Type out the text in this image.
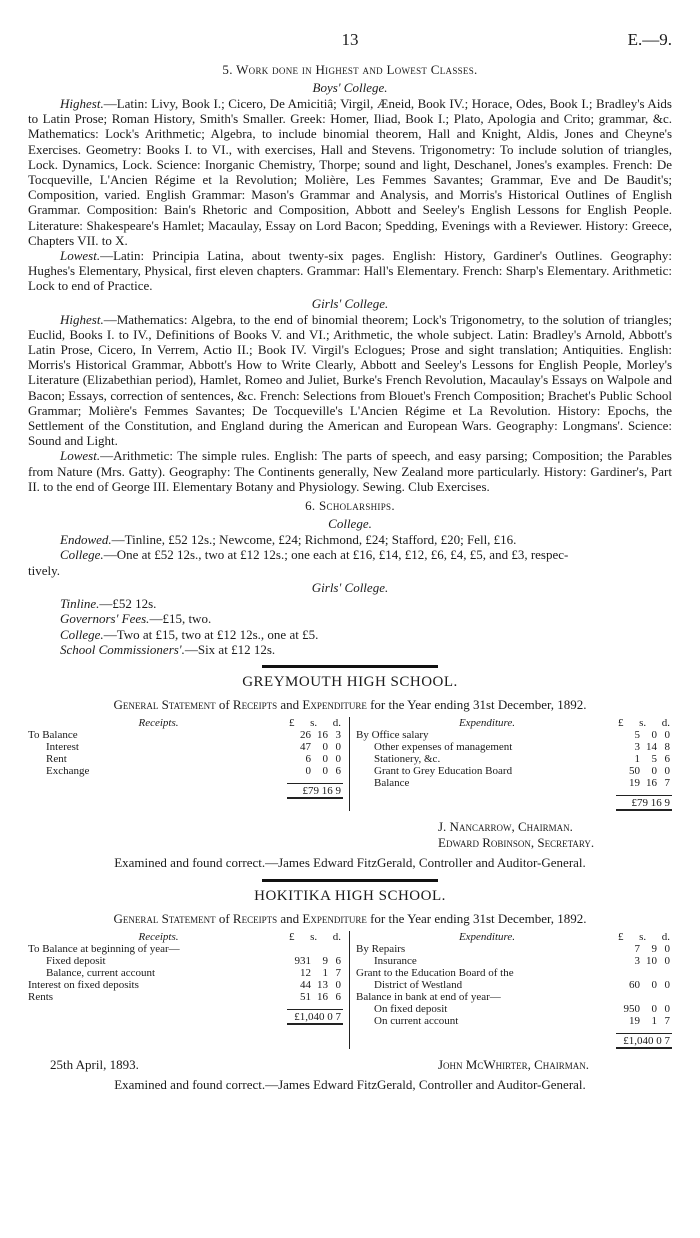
13	E.—9.
5. Work done in Highest and Lowest Classes.
Boys' College.

Highest.—Latin: Livy, Book I.; Cicero, De Amicitiâ; Virgil, Æneid, Book IV.; Horace, Odes, Book I.; Bradley's Aids to Latin Prose; Roman History, Smith's Smaller. Greek: Homer, Iliad, Book I.; Plato, Apologia and Crito; grammar, &c. Mathematics: Lock's Arithmetic; Algebra, to include binomial theorem, Hall and Knight, Aldis, Jones and Cheyne's Exercises. Geometry: Books I. to VI., with exercises, Hall and Stevens. Trigonometry: To include solution of triangles, Lock. Dynamics, Lock. Science: Inorganic Chemistry, Thorpe; sound and light, Deschanel, Jones's examples. French: De Tocqueville, L'Ancien Régime et la Revolution; Molière, Les Femmes Savantes; Grammar, Eve and De Baudit's; Composition, varied. English Grammar: Mason's Grammar and Analysis, and Morris's Historical Outlines of English Grammar. Composition: Bain's Rhetoric and Composition, Abbott and Seeley's English Lessons for English People. Literature: Shakespeare's Hamlet; Macaulay, Essay on Lord Bacon; Spedding, Evenings with a Reviewer. History: Greece, Chapters VII. to X.

Lowest.—Latin: Principia Latina, about twenty-six pages. English: History, Gardiner's Outlines. Geography: Hughes's Elementary, Physical, first eleven chapters. Grammar: Hall's Elementary. French: Sharp's Elementary. Arithmetic: Lock to end of Practice.

Girls' College.

Highest.—Mathematics: Algebra, to the end of binomial theorem; Lock's Trigonometry, to the solution of triangles; Euclid, Books I. to IV., Definitions of Books V. and VI.; Arithmetic, the whole subject. Latin: Bradley's Arnold, Abbott's Latin Prose, Cicero, In Verrem, Actio II.; Book IV. Virgil's Eclogues; Prose and sight translation; Antiquities. English: Morris's Historical Grammar, Abbott's How to Write Clearly, Abbott and Seeley's Lessons for English People, Morley's Literature (Elizabethian period), Hamlet, Romeo and Juliet, Burke's French Revolution, Macaulay's Essays on Walpole and Bacon; Essays, correction of sentences, &c. French: Selections from Blouet's French Composition; Brachet's Public School Grammar; Molière's Femmes Savantes; De Tocqueville's L'Ancien Régime et La Revolution. History: Epochs, the Settlement of the Constitution, and England during the American and European Wars. Geography: Longmans'. Science: Sound and Light.

Lowest.—Arithmetic: The simple rules. English: The parts of speech, and easy parsing; Composition; the Parables from Nature (Mrs. Gatty). Geography: The Continents generally, New Zealand more particularly. History: Gardiner's, Part II. to the end of George III. Elementary Botany and Physiology. Sewing. Club Exercises.

6. Scholarships.
College.
Endowed.—Tinline, £52 12s.; Newcome, £24; Richmond, £24; Stafford, £20; Fell, £16.
College.—One at £52 12s., two at £12 12s.; one each at £16, £14, £12, £6, £4, £5, and £3, respec-
tively.
Girls' College.
Tinline.—£52 12s.
Governors' Fees.—£15, two.
College.—Two at £15, two at £12 12s., one at £5.
School Commissioners'.—Six at £12 12s.
GREYMOUTH HIGH SCHOOL.
General Statement of Receipts and Expenditure for the Year ending 31st December, 1892.
Receipts.	£ s. d.
To Balance	26 16 3
Interest	47	0 0
Rent	6	0 0
Exchange	0	0 6
£79 16 9
Expenditure.	£ s. d.
By Office salary	5	0 0
Other expenses of management	3 14 8
Stationery, &c.	1	5 6
Grant to Grey Education Board	50	0 0
Balance	19 16 7
£79 16 9
J. Nancarrow, Chairman.
Edward Robinson, Secretary.
Examined and found correct.—James Edward FitzGerald, Controller and Auditor-General.
HOKITIKA HIGH SCHOOL.
General Statement of Receipts and Expenditure for the Year ending 31st December, 1892.
Receipts.	£ s. d.
To Balance at beginning of year—
Fixed deposit	931	9 6
Balance, current account	12	1 7
Interest on fixed deposits	44 13 0
Rents	51 16 6
£1,040 0 7
Expenditure.	£ s. d.
By Repairs	7	9 0
Insurance	3 10 0
Grant to the Education Board of the
District of Westland	60	0 0
Balance in bank at end of year—
On fixed deposit	950	0 0
On current account	19	1 7
£1,040 0 7
25th April, 1893.	John McWhirter, Chairman.
Examined and found correct.—James Edward FitzGerald, Controller and Auditor-General.
